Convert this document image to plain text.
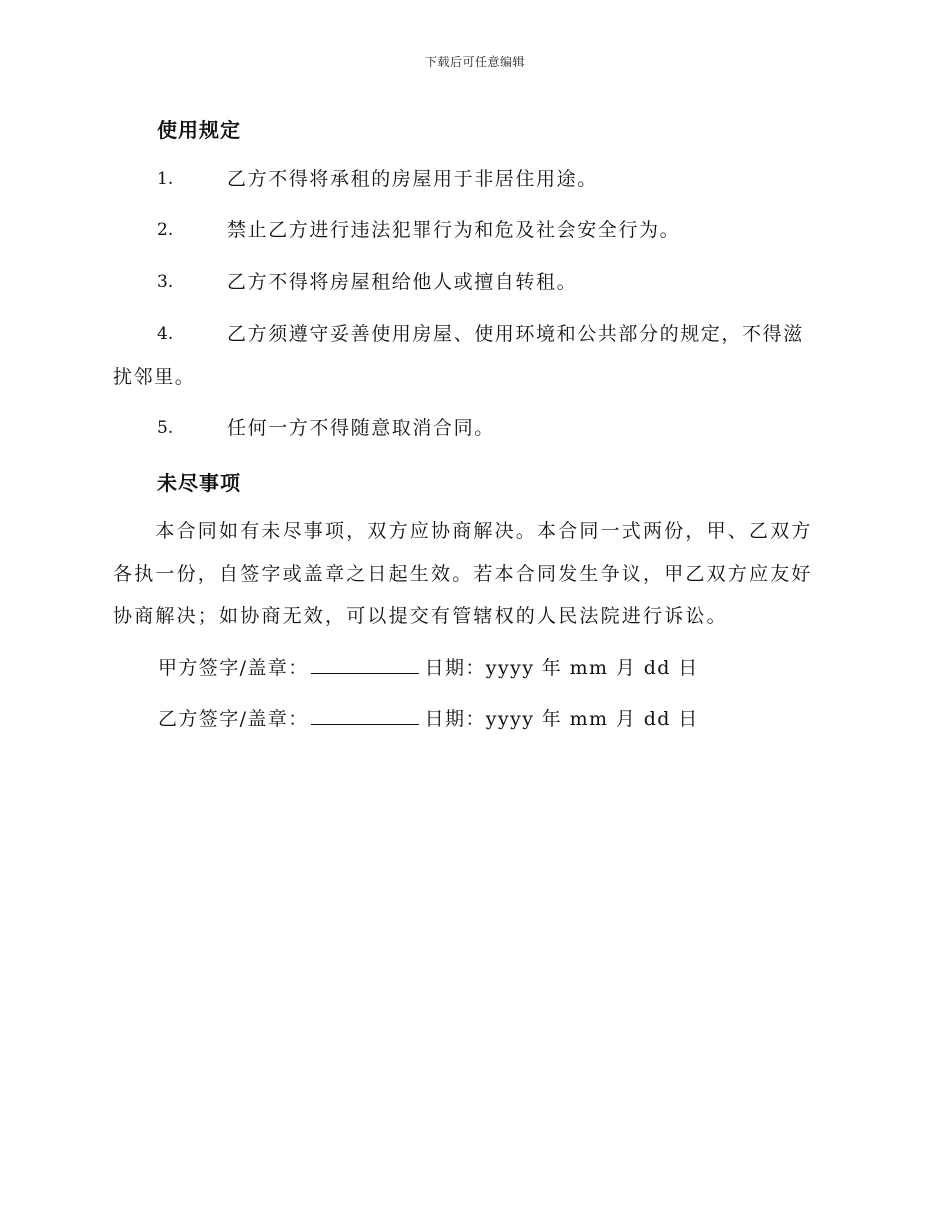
下载后可任意编辑
使用规定
1.	乙方不得将承租的房屋用于非居住用途。
2.	禁止乙方进行违法犯罪行为和危及社会安全行为。
3.	乙方不得将房屋租给他人或擅自转租。
4.	乙方须遵守妥善使用房屋、使用环境和公共部分的规定，不得滋
扰邻里。
5.	任何一方不得随意取消合同。
未尽事项
　　本合同如有未尽事项，双方应协商解决。本合同一式两份，甲、乙双方
各执一份，自签字或盖章之日起生效。若本合同发生争议，甲乙双方应友好
协商解决；如协商无效，可以提交有管辖权的人民法院进行诉讼。
甲方签字/盖章：	日期：yyyy 年 mm 月 dd 日
乙方签字/盖章：	日期：yyyy 年 mm 月 dd 日
